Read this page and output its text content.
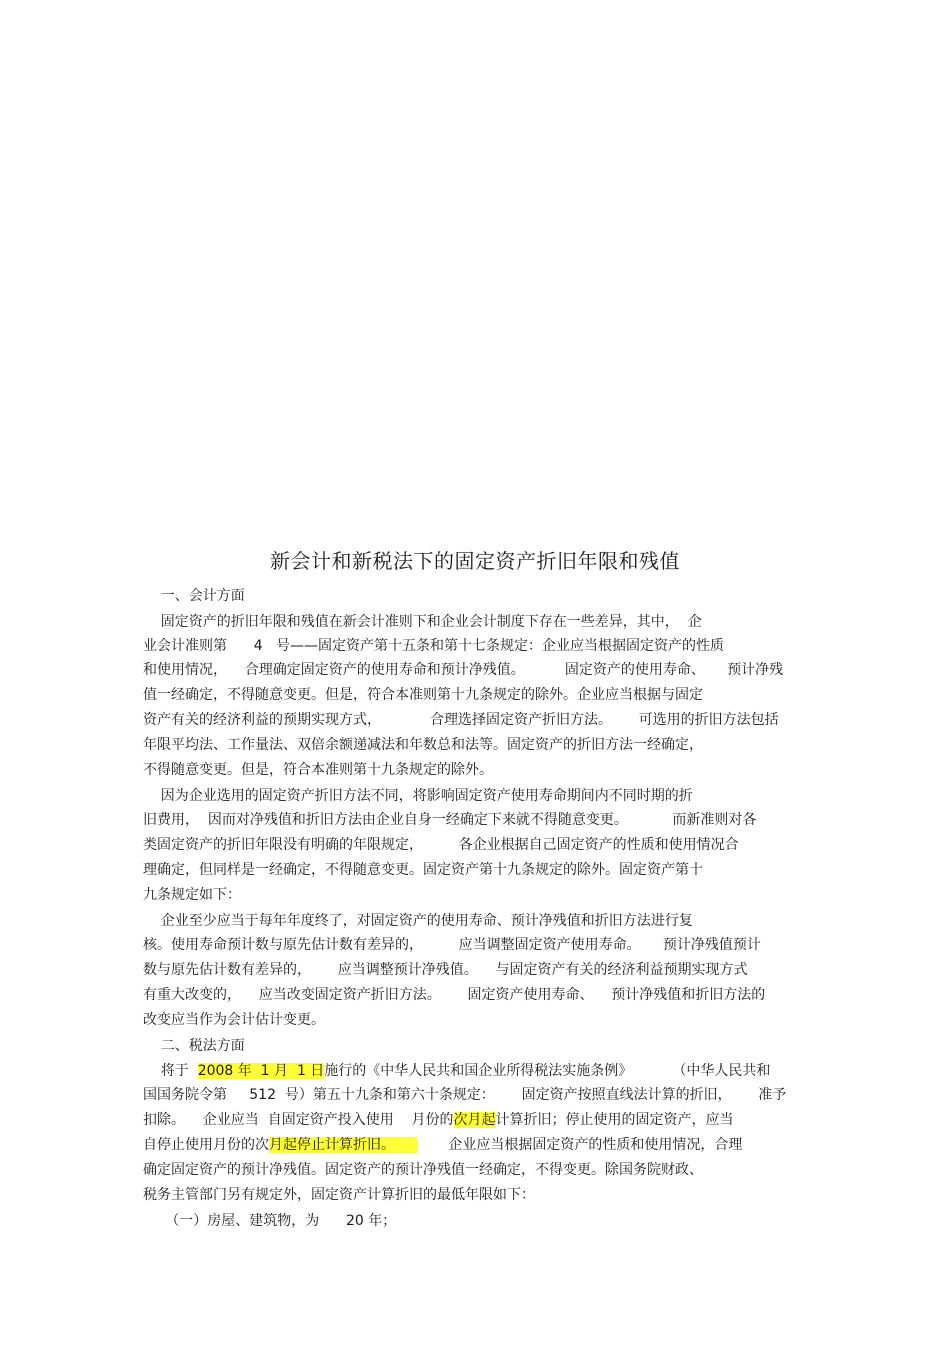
新会计和新税法下的固定资产折旧年限和残值
一、会计方面
固定资产的折旧年限和残值在新会计准则下和企业会计制度下存在一些差异，其中，  企
业会计准则第      4   号——固定资产第十五条和第十七条规定：企业应当根据固定资产的性质
和使用情况，    合理确定固定资产的使用寿命和预计净残值。         固定资产的使用寿命、     预计净残
值一经确定，不得随意变更。但是，符合本准则第十九条规定的除外。企业应当根据与固定
资产有关的经济利益的预期实现方式，           合理选择固定资产折旧方法。      可选用的折旧方法包括
年限平均法、工作量法、双倍余额递减法和年数总和法等。固定资产的折旧方法一经确定，
不得随意变更。但是，符合本准则第十九条规定的除外。
因为企业选用的固定资产折旧方法不同，将影响固定资产使用寿命期间内不同时期的折
旧费用，  因而对净残值和折旧方法由企业自身一经确定下来就不得随意变更。          而新准则对各
类固定资产的折旧年限没有明确的年限规定，        各企业根据自己固定资产的性质和使用情况合
理确定，但同样是一经确定，不得随意变更。固定资产第十九条规定的除外。固定资产第十
九条规定如下：
企业至少应当于每年年度终了，对固定资产的使用寿命、预计净残值和折旧方法进行复
核。使用寿命预计数与原先估计数有差异的，        应当调整固定资产使用寿命。     预计净残值预计
数与原先估计数有差异的，      应当调整预计净残值。    与固定资产有关的经济利益预期实现方式
有重大改变的，    应当改变固定资产折旧方法。      固定资产使用寿命、    预计净残值和折旧方法的
改变应当作为会计估计变更。
二、税法方面
将于  2008 年  1 月  1 日施行的《中华人民共和国企业所得税法实施条例》         （中华人民共和
国国务院令第     512  号）第五十九条和第六十条规定：      固定资产按照直线法计算的折旧，      准予
扣除。    企业应当  自固定资产投入使用    月份的次月起计算折旧；停止使用的固定资产，应当
自停止使用月份的次月起停止计算折旧。            企业应当根据固定资产的性质和使用情况，合理
确定固定资产的预计净残值。固定资产的预计净残值一经确定，不得变更。除国务院财政、
税务主管部门另有规定外，固定资产计算折旧的最低年限如下：
（一）房屋、建筑物，为      20 年；
